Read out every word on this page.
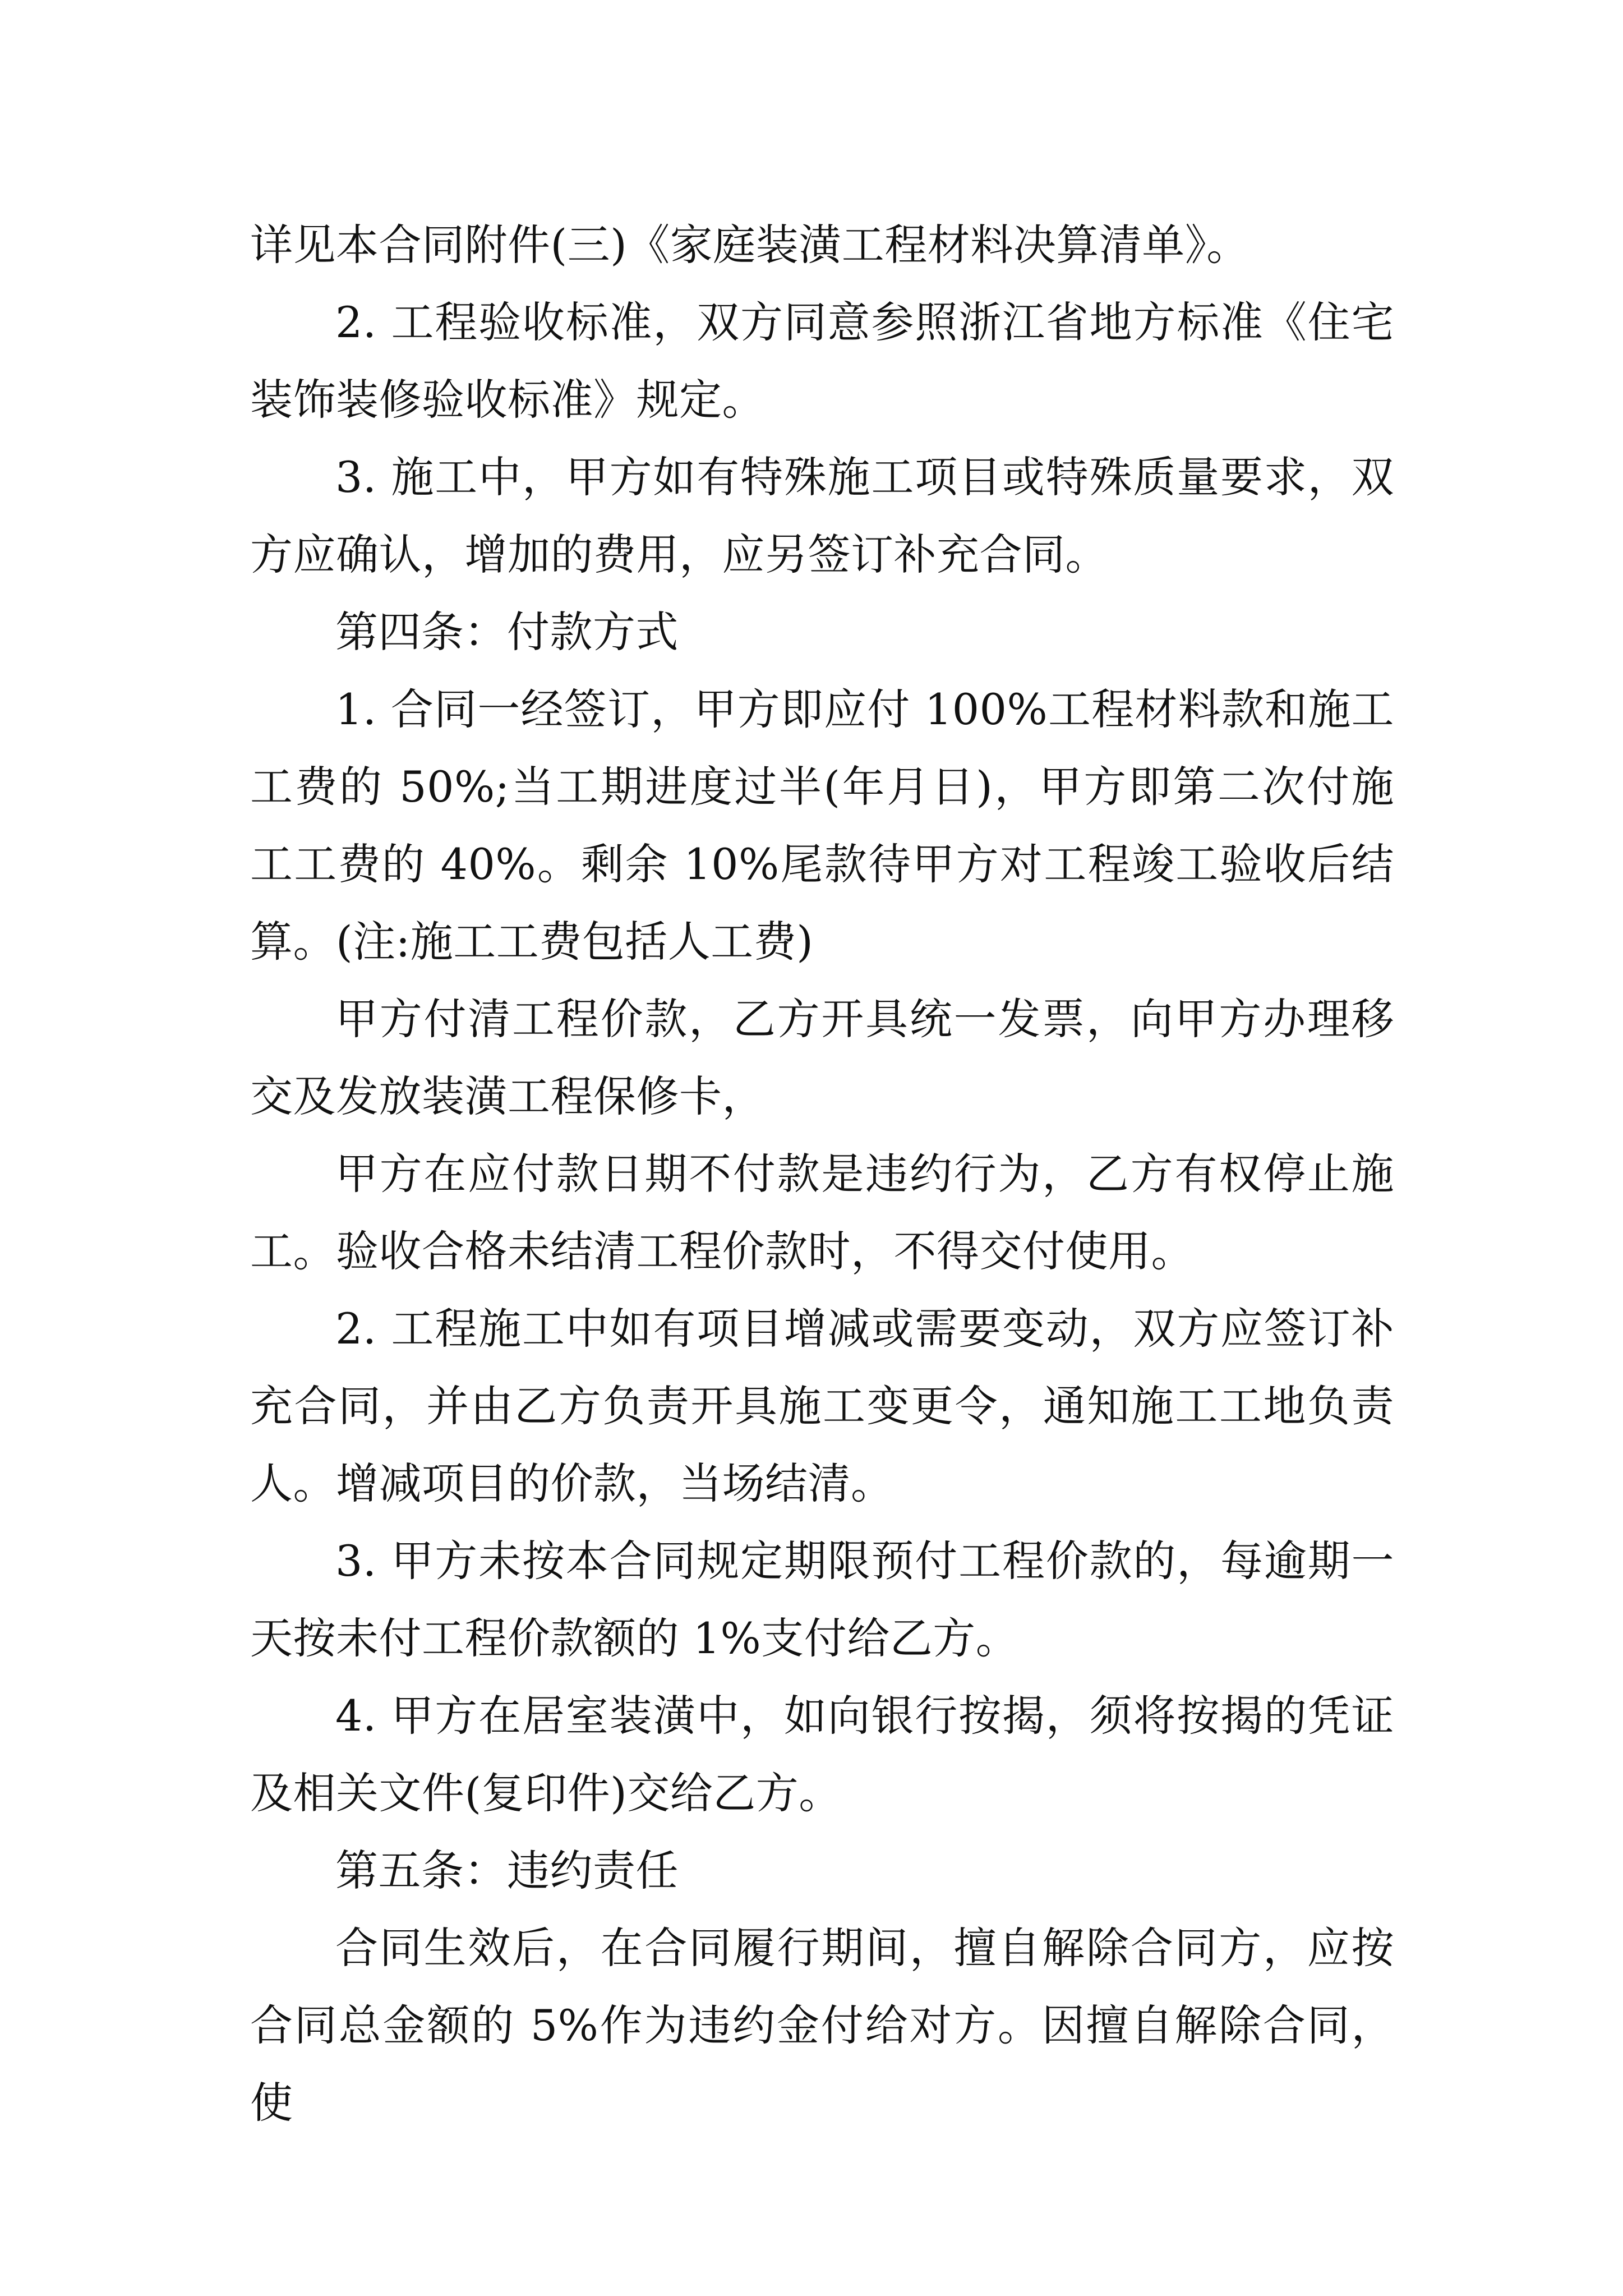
详见本合同附件(三)《家庭装潢工程材料决算清单》。

2. 工程验收标准，双方同意参照浙江省地方标准《住宅装饰装修验收标准》规定。

3. 施工中，甲方如有特殊施工项目或特殊质量要求，双方应确认，增加的费用，应另签订补充合同。

第四条：付款方式

1. 合同一经签订，甲方即应付 100%工程材料款和施工工费的 50%;当工期进度过半(年月日)，甲方即第二次付施工工费的 40%。剩余 10%尾款待甲方对工程竣工验收后结算。(注:施工工费包括人工费)

甲方付清工程价款，乙方开具统一发票，向甲方办理移交及发放装潢工程保修卡，

甲方在应付款日期不付款是违约行为，乙方有权停止施工。验收合格未结清工程价款时，不得交付使用。

2. 工程施工中如有项目增减或需要变动，双方应签订补充合同，并由乙方负责开具施工变更令，通知施工工地负责人。增减项目的价款，当场结清。

3. 甲方未按本合同规定期限预付工程价款的，每逾期一天按未付工程价款额的 1%支付给乙方。

4. 甲方在居室装潢中，如向银行按揭，须将按揭的凭证及相关文件(复印件)交给乙方。

第五条：违约责任

合同生效后，在合同履行期间，擅自解除合同方，应按合同总金额的 5%作为违约金付给对方。因擅自解除合同，使
